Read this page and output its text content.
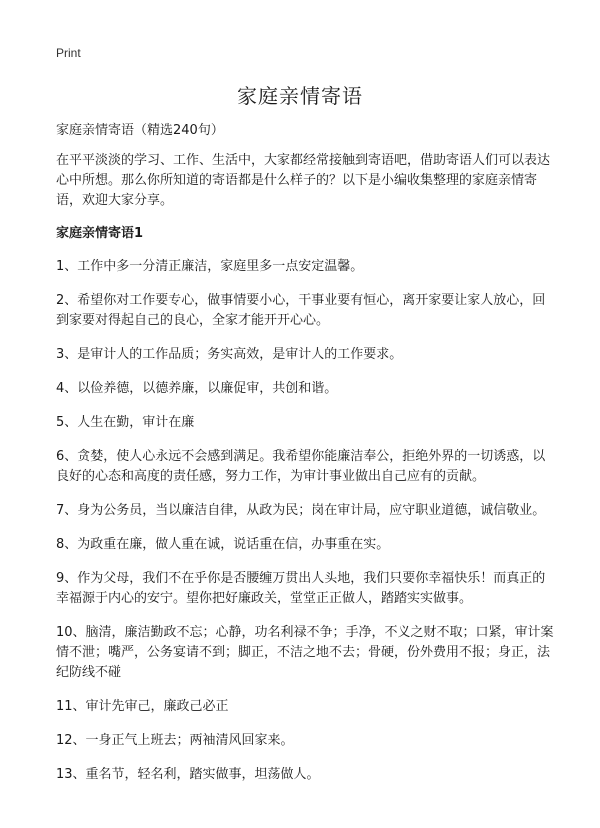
Print
家庭亲情寄语

家庭亲情寄语（精选240句）

在平平淡淡的学习、工作、生活中，大家都经常接触到寄语吧，借助寄语人们可以表达心中所想。那么你所知道的寄语都是什么样子的？以下是小编收集整理的家庭亲情寄语，欢迎大家分享。

家庭亲情寄语1

1、工作中多一分清正廉洁，家庭里多一点安定温馨。

2、希望你对工作要专心，做事情要小心，干事业要有恒心，离开家要让家人放心，回到家要对得起自己的良心，全家才能开开心心。

3、是审计人的工作品质；务实高效，是审计人的工作要求。

4、以俭养德，以德养廉，以廉促审，共创和谐。

5、人生在勤，审计在廉

6、贪婪，使人心永远不会感到满足。我希望你能廉洁奉公，拒绝外界的一切诱惑，以良好的心态和高度的责任感，努力工作，为审计事业做出自己应有的贡献。

7、身为公务员，当以廉洁自律，从政为民；岗在审计局，应守职业道德，诚信敬业。

8、为政重在廉，做人重在诚，说话重在信，办事重在实。

9、作为父母，我们不在乎你是否腰缠万贯出人头地，我们只要你幸福快乐！而真正的幸福源于内心的安宁。望你把好廉政关，堂堂正正做人，踏踏实实做事。

10、脑清，廉洁勤政不忘；心静，功名利禄不争；手净，不义之财不取；口紧，审计案情不泄；嘴严，公务宴请不到；脚正，不洁之地不去；骨硬，份外费用不报；身正，法纪防线不碰

11、审计先审己，廉政己必正

12、一身正气上班去；两袖清风回家来。

13、重名节，轻名利，踏实做事，坦荡做人。
